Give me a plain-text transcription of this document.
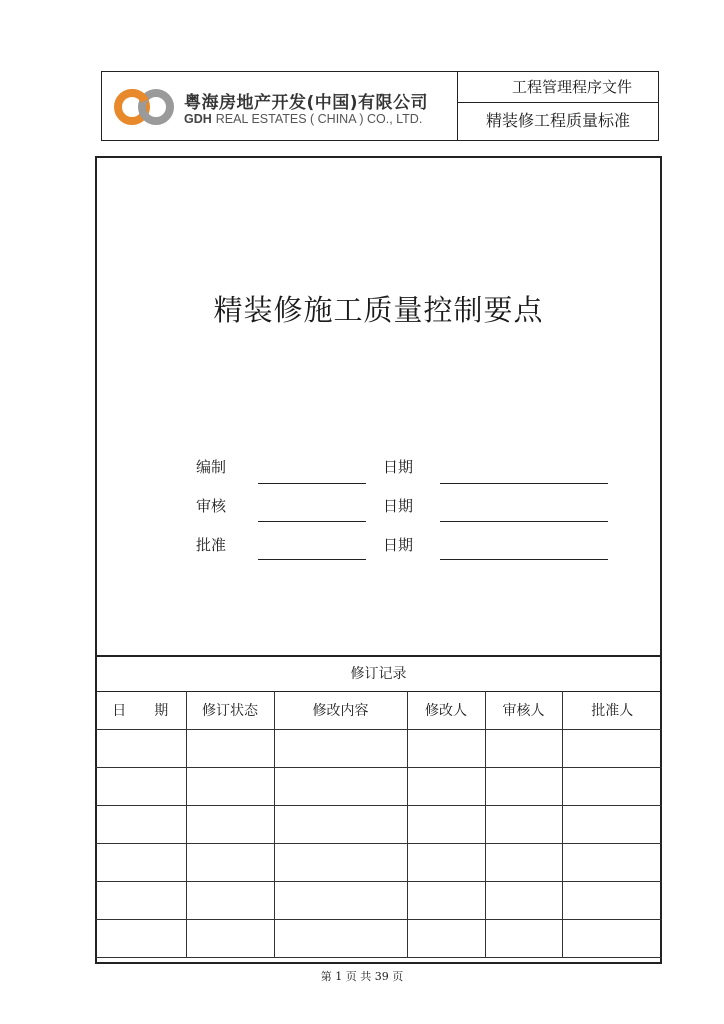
粤海房地产开发(中国)有限公司
GDH REAL ESTATES ( CHINA ) CO., LTD.
工程管理程序文件
精装修工程质量标准
精装修施工质量控制要点
编制	日期
审核	日期
批准	日期
修订记录
日　　期	修订状态	修改内容	修改人	审核人	批准人

第 1 页 共 39 页
